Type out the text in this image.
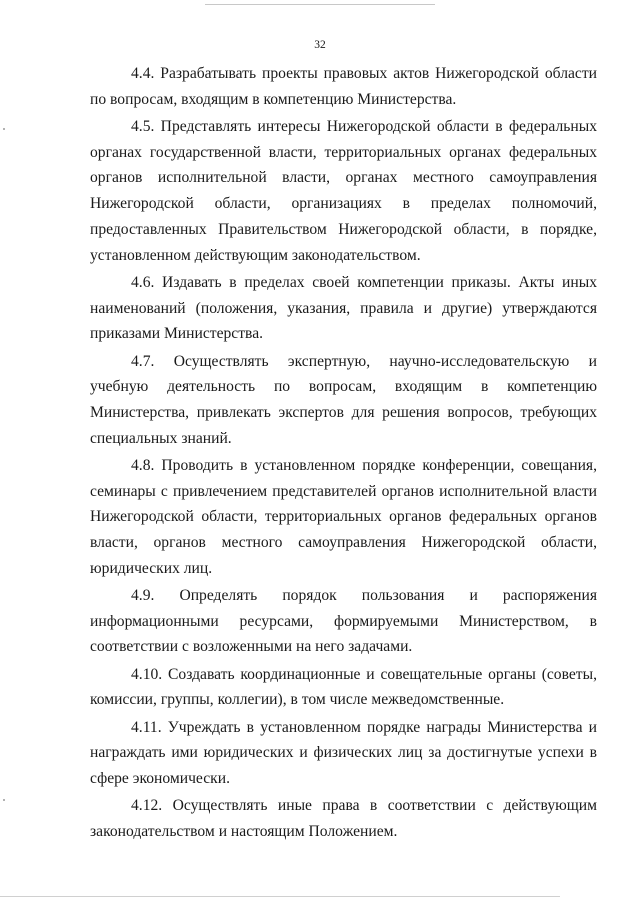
32

4.4. Разрабатывать проекты правовых актов Нижегородской области по вопросам, входящим в компетенцию Министерства.

4.5. Представлять интересы Нижегородской области в федеральных органах государственной власти, территориальных органах федеральных органов исполнительной власти, органах местного самоуправления Нижегородской области, организациях в пределах полномочий, предоставленных Правительством Нижегородской области, в порядке, установленном действующим законодательством.

4.6. Издавать в пределах своей компетенции приказы. Акты иных наименований (положения, указания, правила и другие) утверждаются приказами Министерства.

4.7. Осуществлять экспертную, научно-исследовательскую и учебную деятельность по вопросам, входящим в компетенцию Министерства, привлекать экспертов для решения вопросов, требующих специальных знаний.

4.8. Проводить в установленном порядке конференции, совещания, семинары с привлечением представителей органов исполнительной власти Нижегородской области, территориальных органов федеральных органов власти, органов местного самоуправления Нижегородской области, юридических лиц.

4.9. Определять порядок пользования и распоряжения информационными ресурсами, формируемыми Министерством, в соответствии с возложенными на него задачами.

4.10. Создавать координационные и совещательные органы (советы, комиссии, группы, коллегии), в том числе межведомственные.

4.11. Учреждать в установленном порядке награды Министерства и награждать ими юридических и физических лиц за достигнутые успехи в сфере экономически.

4.12. Осуществлять иные права в соответствии с действующим законодательством и настоящим Положением.
